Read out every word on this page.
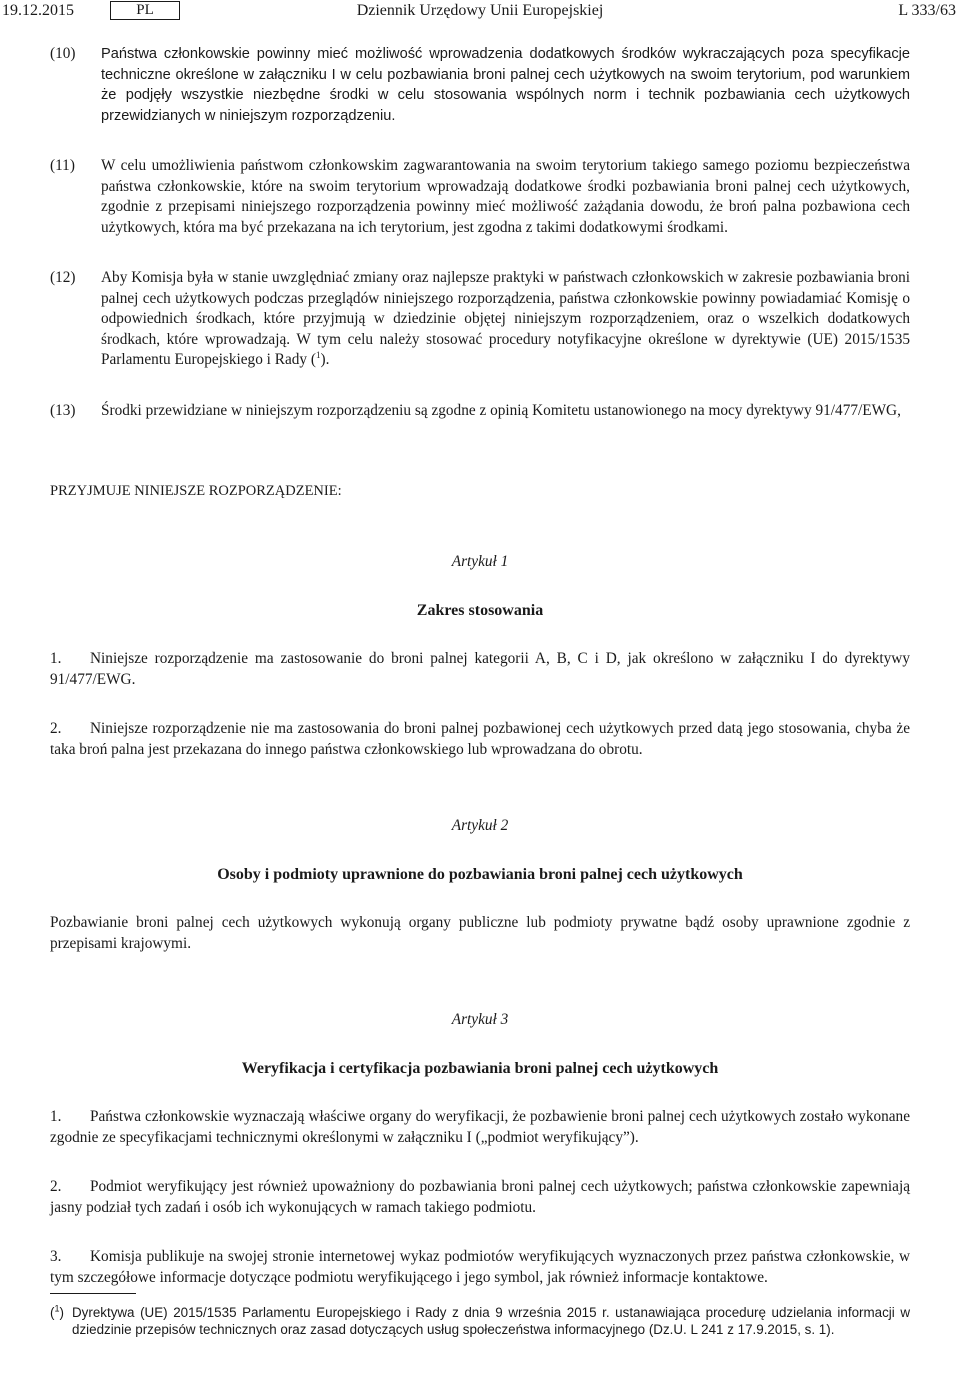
19.12.2015	PL	Dziennik Urzędowy Unii Europejskiej	L 333/63
(10)	Państwa członkowskie powinny mieć możliwość wprowadzenia dodatkowych środków wykraczających poza specyfikacje techniczne określone w załączniku I w celu pozbawiania broni palnej cech użytkowych na swoim terytorium, pod warunkiem że podjęły wszystkie niezbędne środki w celu stosowania wspólnych norm i technik pozbawiania cech użytkowych przewidzianych w niniejszym rozporządzeniu.
(11)	W celu umożliwienia państwom członkowskim zagwarantowania na swoim terytorium takiego samego poziomu bezpieczeństwa państwa członkowskie, które na swoim terytorium wprowadzają dodatkowe środki pozbawiania broni palnej cech użytkowych, zgodnie z przepisami niniejszego rozporządzenia powinny mieć możliwość zażądania dowodu, że broń palna pozbawiona cech użytkowych, która ma być przekazana na ich terytorium, jest zgodna z takimi dodatkowymi środkami.
(12)	Aby Komisja była w stanie uwzględniać zmiany oraz najlepsze praktyki w państwach członkowskich w zakresie pozbawiania broni palnej cech użytkowych podczas przeglądów niniejszego rozporządzenia, państwa członkowskie powinny powiadamiać Komisję o odpowiednich środkach, które przyjmują w dziedzinie objętej niniejszym rozporządzeniem, oraz o wszelkich dodatkowych środkach, które wprowadzają. W tym celu należy stosować procedury notyfikacyjne określone w dyrektywie (UE) 2015/1535 Parlamentu Europejskiego i Rady ($^1$).
(13)	Środki przewidziane w niniejszym rozporządzeniu są zgodne z opinią Komitetu ustanowionego na mocy dyrektywy 91/477/EWG,
PRZYJMUJE NINIEJSZE ROZPORZĄDZENIE:
Artykuł 1
Zakres stosowania
1. Niniejsze rozporządzenie ma zastosowanie do broni palnej kategorii A, B, C i D, jak określono w załączniku I do dyrektywy 91/477/EWG.
2. Niniejsze rozporządzenie nie ma zastosowania do broni palnej pozbawionej cech użytkowych przed datą jego stosowania, chyba że taka broń palna jest przekazana do innego państwa członkowskiego lub wprowadzana do obrotu.
Artykuł 2
Osoby i podmioty uprawnione do pozbawiania broni palnej cech użytkowych
Pozbawianie broni palnej cech użytkowych wykonują organy publiczne lub podmioty prywatne bądź osoby uprawnione zgodnie z przepisami krajowymi.
Artykuł 3
Weryfikacja i certyfikacja pozbawiania broni palnej cech użytkowych
1. Państwa członkowskie wyznaczają właściwe organy do weryfikacji, że pozbawienie broni palnej cech użytkowych zostało wykonane zgodnie ze specyfikacjami technicznymi określonymi w załączniku I („podmiot weryfikujący”).
2. Podmiot weryfikujący jest również upoważniony do pozbawiania broni palnej cech użytkowych; państwa członkowskie zapewniają jasny podział tych zadań i osób ich wykonujących w ramach takiego podmiotu.
3. Komisja publikuje na swojej stronie internetowej wykaz podmiotów weryfikujących wyznaczonych przez państwa członkowskie, w tym szczegółowe informacje dotyczące podmiotu weryfikującego i jego symbol, jak również informacje kontaktowe.
($^1$) Dyrektywa (UE) 2015/1535 Parlamentu Europejskiego i Rady z dnia 9 września 2015 r. ustanawiająca procedurę udzielania informacji w dziedzinie przepisów technicznych oraz zasad dotyczących usług społeczeństwa informacyjnego (Dz.U. L 241 z 17.9.2015, s. 1).
